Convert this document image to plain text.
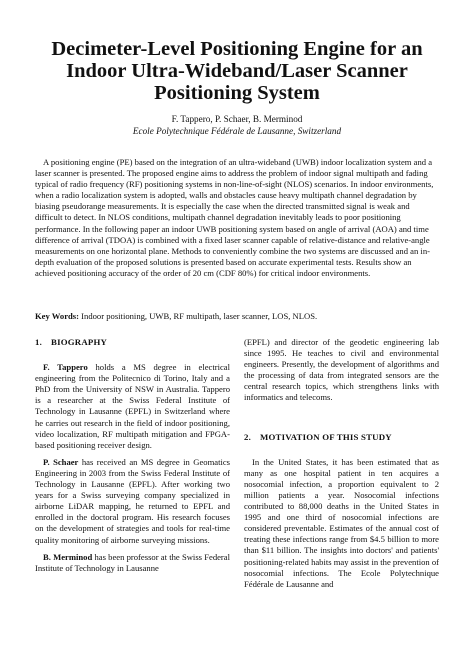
Decimeter-Level Positioning Engine for an
Indoor Ultra-Wideband/Laser Scanner
Positioning System
F. Tappero, P. Schaer, B. Merminod
Ecole Polytechnique Fédérale de Lausanne, Switzerland

A positioning engine (PE) based on the integration of an ultra-wideband (UWB) indoor localization system and a laser scanner is presented. The proposed engine aims to address the problem of indoor signal multipath and fading typical of radio frequency (RF) positioning systems in non-line-of-sight (NLOS) scenarios. In indoor environments, when a radio localization system is adopted, walls and obstacles cause heavy multipath channel degradation by biasing pseudorange measurements. It is especially the case when the directed transmitted signal is weak and difficult to detect. In NLOS conditions, multipath channel degradation inevitably leads to poor positioning performance. In the following paper an indoor UWB positioning system based on angle of arrival (AOA) and time difference of arrival (TDOA) is combined with a fixed laser scanner capable of relative-distance and relative-angle measurements on one horizontal plane. Methods to conveniently combine the two systems are discussed and an in-depth evaluation of the proposed solutions is presented based on accurate experimental tests. Results show an achieved positioning accuracy of the order of 20 cm (CDF 80%) for critical indoor environments.

Key Words: Indoor positioning, UWB, RF multipath, laser scanner, LOS, NLOS.

1. BIOGRAPHY

F. Tappero holds a MS degree in electrical engineering from the Politecnico di Torino, Italy and a PhD from the University of NSW in Australia. Tappero is a researcher at the Swiss Federal Institute of Technology in Lausanne (EPFL) in Switzerland where he carries out research in the field of indoor positioning, video localization, RF multipath mitigation and FPGA-based positioning receiver design.

P. Schaer has received an MS degree in Geomatics Engineering in 2003 from the Swiss Federal Institute of Technology in Lausanne (EPFL). After working two years for a Swiss surveying company specialized in airborne LiDAR mapping, he returned to EPFL and enrolled in the doctoral program. His research focuses on the development of strategies and tools for real-time quality monitoring of airborne surveying missions.

B. Merminod has been professor at the Swiss Federal Institute of Technology in Lausanne

(EPFL) and director of the geodetic engineering lab since 1995. He teaches to civil and environmental engineers. Presently, the development of algorithms and the processing of data from integrated sensors are the central research topics, which strengthens links with informatics and telecoms.

2. MOTIVATION OF THIS STUDY

In the United States, it has been estimated that as many as one hospital patient in ten acquires a nosocomial infection, a proportion equivalent to 2 million patients a year. Nosocomial infections contributed to 88,000 deaths in the United States in 1995 and one third of nosocomial infections are considered preventable. Estimates of the annual cost of treating these infections range from $4.5 billion to more than $11 billion. The insights into doctors' and patients' positioning-related habits may assist in the prevention of nosocomial infections. The Ecole Polytechnique Fédérale de Lausanne and
